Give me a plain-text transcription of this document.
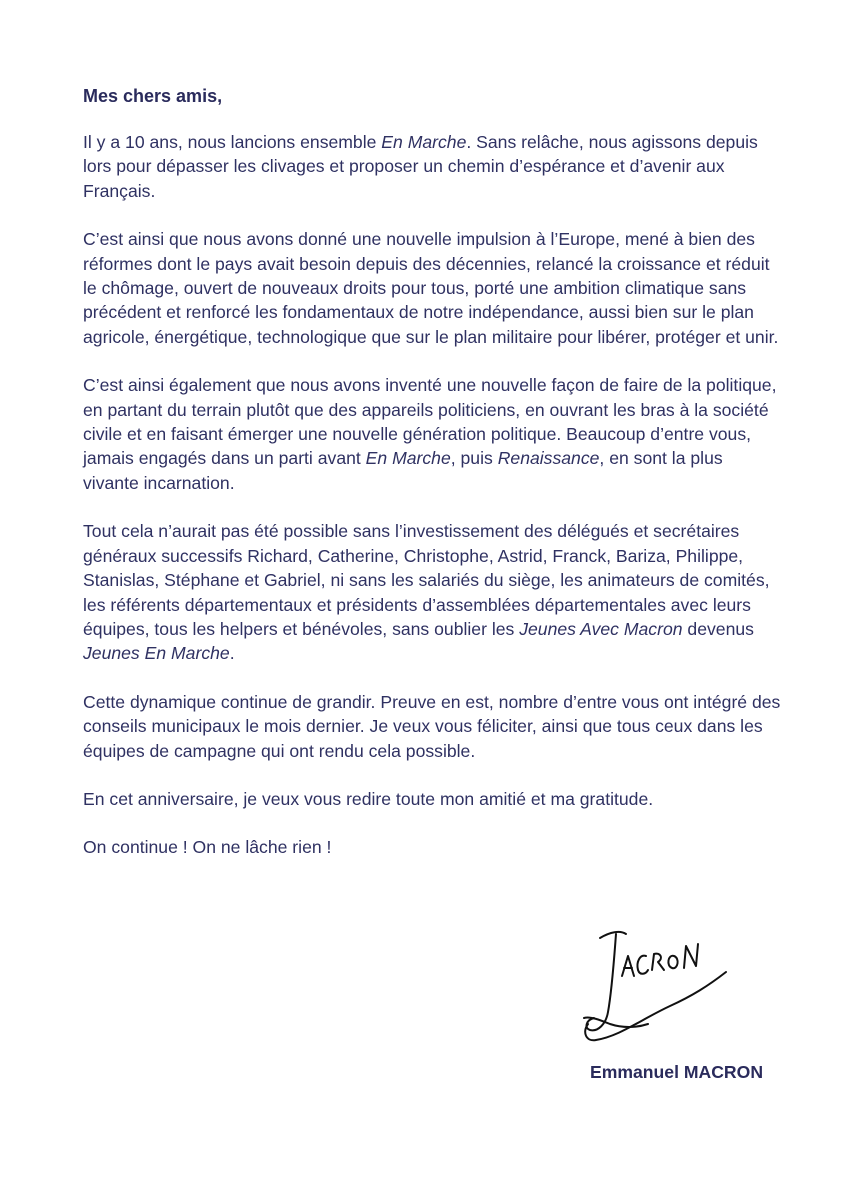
Mes chers amis,

Il y a 10 ans, nous lancions ensemble En Marche. Sans relâche, nous agissons depuis lors pour dépasser les clivages et proposer un chemin d’espérance et d’avenir aux Français.

C’est ainsi que nous avons donné une nouvelle impulsion à l’Europe, mené à bien des réformes dont le pays avait besoin depuis des décennies, relancé la croissance et réduit le chômage, ouvert de nouveaux droits pour tous, porté une ambition climatique sans précédent et renforcé les fondamentaux de notre indépendance, aussi bien sur le plan agricole, énergétique, technologique que sur le plan militaire pour libérer, protéger et unir.

C’est ainsi également que nous avons inventé une nouvelle façon de faire de la politique, en partant du terrain plutôt que des appareils politiciens, en ouvrant les bras à la société civile et en faisant émerger une nouvelle génération politique. Beaucoup d’entre vous, jamais engagés dans un parti avant En Marche, puis Renaissance, en sont la plus vivante incarnation.

Tout cela n’aurait pas été possible sans l’investissement des délégués et secrétaires généraux successifs Richard, Catherine, Christophe, Astrid, Franck, Bariza, Philippe, Stanislas, Stéphane et Gabriel, ni sans les salariés du siège, les animateurs de comités, les référents départementaux et présidents d’assemblées départementales avec leurs équipes, tous les helpers et bénévoles, sans oublier les Jeunes Avec Macron devenus Jeunes En Marche.

Cette dynamique continue de grandir. Preuve en est, nombre d’entre vous ont intégré des conseils municipaux le mois dernier. Je veux vous féliciter, ainsi que tous ceux dans les équipes de campagne qui ont rendu cela possible.

En cet anniversaire, je veux vous redire toute mon amitié et ma gratitude.

On continue ! On ne lâche rien !

Emmanuel MACRON
